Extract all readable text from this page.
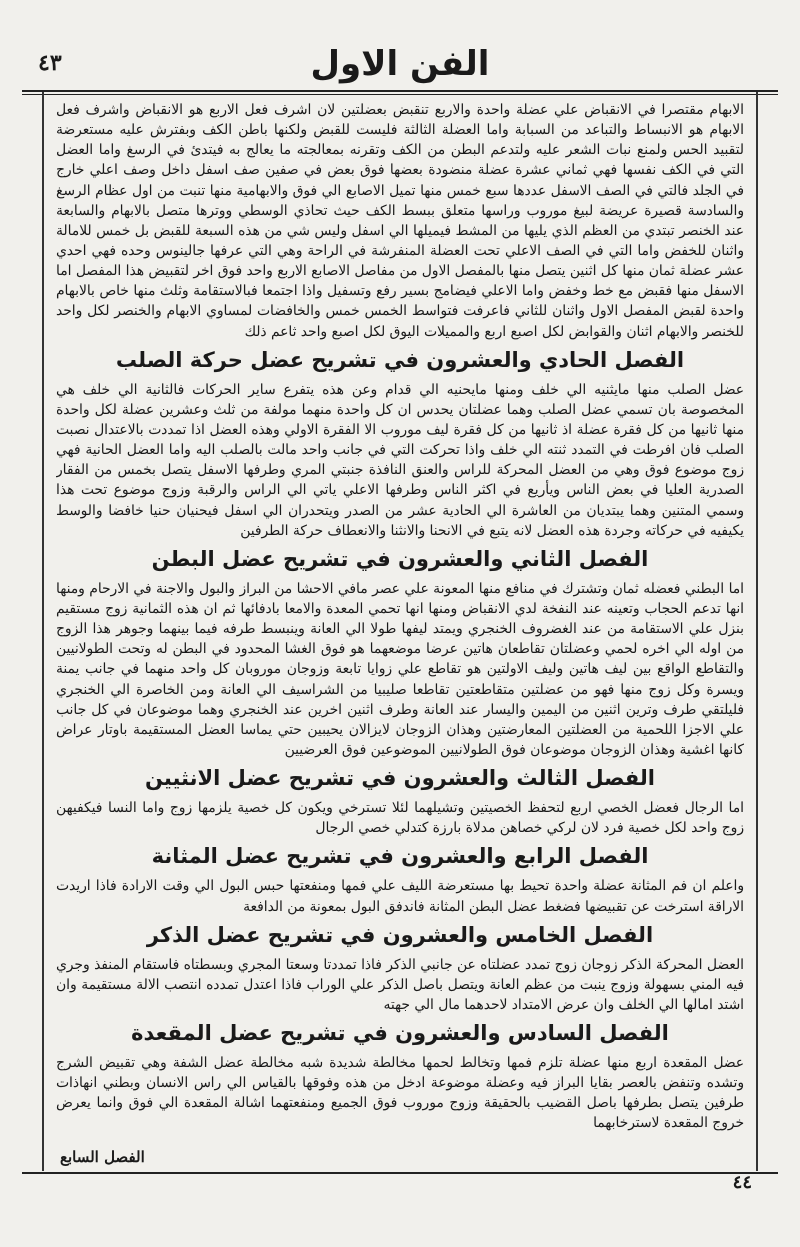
٤٣	الفن الاول

الابهام مقتصرا في الانقباض علي عضلة واحدة والاربع تنقبض بعضلتين لان اشرف فعل الاربع هو الانقباض واشرف فعل الابهام هو الانبساط والتباعد من السبابة واما العضلة الثالثة فليست للقبض ولكنها باطن الكف وبفترش عليه مستعرضة لتقبيد الحس ولمنع نبات الشعر عليه ولتدعم البطن من الكف وتقرنه بمعالجته ما يعالج به فيتدئ في الرسغ واما العضل التي في الكف نفسها فهي ثماني عشرة عضلة منضودة بعضها فوق بعض في صفين صف اسفل داخل وصف اعلي خارج في الجلد فالتي في الصف الاسفل عددها سبع خمس منها تميل الاصابع الي فوق والابهامية منها تنبت من اول عظام الرسغ والسادسة قصيرة عريضة لبيغ موروب وراسها متعلق ببسط الكف حيث تحاذي الوسطي ووترها متصل بالابهام والسابعة عند الخنصر تبتدي من العظم الذي يليها من المشط فيميلها الي اسفل وليس شي من هذه السبعة للقبض بل خمس للامالة واثنان للخفض واما التي في الصف الاعلي تحت العضلة المنفرشة في الراحة وهي التي عرفها جالينوس وحده فهي احدي عشر عضلة ثمان منها كل اثنين يتصل منها بالمفصل الاول من مفاصل الاصابع الاربع واحد فوق اخر لتقبيض هذا المفصل اما الاسفل منها فقبض مع خط وخفض واما الاعلي فيضامج بسير رفع وتسفيل واذا اجتمعا فبالاستقامة وثلث منها خاص بالابهام واحدة لقبض المفصل الاول واثنان للثاني فاعرفت فتواسط الخمس خمس والخافضات لمساوي الابهام والخنصر لكل واحد للخنصر والابهام اثنان والقوابض لكل اصبع اربع والمميلات اليوق لكل اصبع واحد ثاعم ذلك

الفصل الحادي والعشرون في تشريح عضل حركة الصلب

عضل الصلب منها مايثنيه الي خلف ومنها مايحنيه الي قدام وعن هذه يتفرع ساير الحركات فالثانية الي خلف هي المخصوصة بان تسمي عضل الصلب وهما عضلتان يحدس ان كل واحدة منهما مولفة من ثلث وعشرين عضلة لكل واحدة منها ثانيها من كل فقرة عضلة اذ ثانيها من كل فقرة ليف موروب الا الفقرة الاولي وهذه العضل اذا تمددت بالاعتدال نصبت الصلب فان افرطت في التمدد ثنته الي خلف واذا تحركت التي في جانب واحد مالت بالصلب اليه واما العضل الحانية فهي زوج موضوع فوق وهي من العضل المحركة للراس والعنق النافذة جنبتي المري وطرفها الاسفل يتصل بخمس من الفقار الصدرية العليا في بعض الناس ويأريع في اكثر الناس وطرفها الاعلي ياتي الي الراس والرقبة وزوج موضوع تحت هذا وسمي المتنين وهما يبتديان من العاشرة الي الحادية عشر من الصدر ويتحدران الي اسفل فيحنيان حنيا خافضا والوسط يكيفيه في حركاته وجردة هذه العضل لانه يتبع في الانحنا والانثنا والانعطاف حركة الطرفين

الفصل الثاني والعشرون في تشريح عضل البطن

اما البطني فعضله ثمان وتشترك في منافع منها المعونة علي عصر مافي الاحشا من البراز والبول والاجنة في الارحام ومنها انها تدعم الحجاب وتعينه عند النفخة لدي الانقباض ومنها انها تحمي المعدة والامعا بادفائها ثم ان هذه الثمانية زوج مستقيم بنزل علي الاستقامة من عند الغضروف الخنجري ويمتد ليفها طولا الي العانة وينبسط طرفه فيما بينهما وجوهر هذا الزوج من اوله الي اخره لحمي وعضلتان تقاطعان هاتين عرضا موضعهما هو فوق الغشا المحدود في البطن له وتحت الطولانيين والتقاطع الواقع بين ليف هاتين وليف الاولتين هو تقاطع علي زوايا تابعة وزوجان موروبان كل واحد منهما في جانب يمنة ويسرة وكل زوج منها فهو من عضلتين متقاطعتين تقاطعا صليبيا من الشراسيف الي العانة ومن الخاصرة الي الخنجري فليلتقي طرف وترين اثنين من اليمين واليسار عند العانة وطرف اثنين اخرين عند الخنجري وهما موضوعان في كل جانب علي الاجزا اللحمية من العضلتين المعارضتين وهذان الزوجان لايزالان يحيبين حتي يماسا العضل المستقيمة باوتار عراض كانها اغشية وهذان الزوجان موضوعان فوق الطولانيين الموضوعين فوق العرضيين

الفصل الثالث والعشرون في تشريح عضل الانثيين

اما الرجال فعضل الخصي اربع لتحفظ الخصيتين وتشيلهما لئلا تسترخي ويكون كل خصية يلزمها زوج واما النسا فيكفيهن زوج واحد لكل خصية فرد لان لركي خصاهن مدلاة بارزة كتدلي خصي الرجال

الفصل الرابع والعشرون في تشريح عضل المثانة

واعلم ان فم المثانة عضلة واحدة تحيط بها مستعرضة الليف علي فمها ومنفعتها حبس البول الي وقت الارادة فاذا اريدت الاراقة استرخت عن تقبيضها فضغط عضل البطن المثانة فاندفق البول بمعونة من الدافعة

الفصل الخامس والعشرون في تشريح عضل الذكر

العضل المحركة الذكر زوجان زوج تمدد عضلتاه عن جانبي الذكر فاذا تمددتا وسعتا المجري وبسطتاه فاستقام المنفذ وجري فيه المني بسهولة وزوج ينبت من عظم العانة ويتصل باصل الذكر علي الوراب فاذا اعتدل تمدده انتصب الالة مستقيمة وان اشتد امالها الي الخلف وان عرض الامتداد لاحدهما مال الي جهته

الفصل السادس والعشرون في تشريح عضل المقعدة

عضل المقعدة اربع منها عضلة تلزم فمها وتخالط لحمها مخالطة شديدة شبه مخالطة عضل الشفة وهي تقبيض الشرج وتشده وتنفض بالعصر بقايا البراز فيه وعضلة موضوعة ادخل من هذه وفوقها بالقياس الي راس الانسان وبطني انهاذات طرفين يتصل بطرفها باصل القضيب بالحقيقة وزوج موروب فوق الجميع ومنفعتهما اشالة المقعدة الي فوق وانما يعرض خروج المقعدة لاسترخابهما

الفصل السابع
٤٤
